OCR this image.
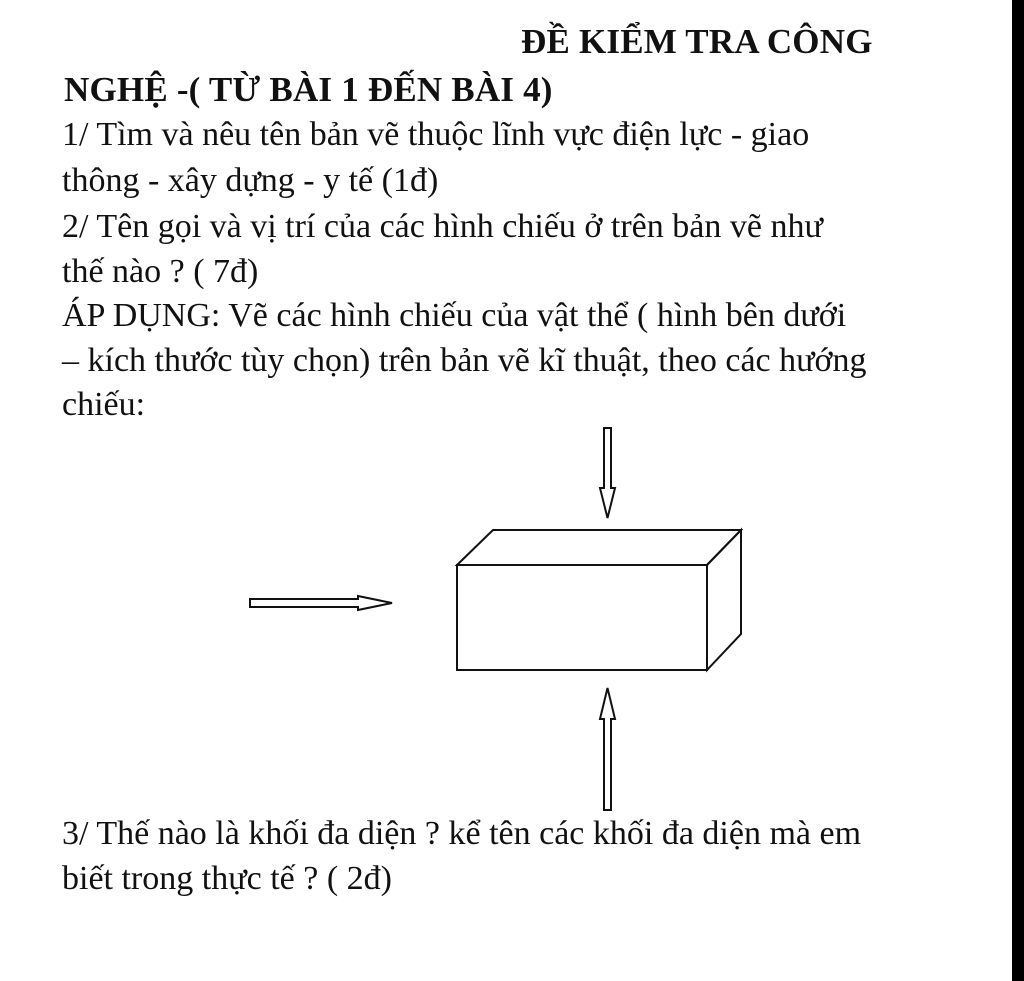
ĐỀ KIỂM TRA CÔNG
NGHỆ -( TỪ BÀI 1 ĐẾN BÀI 4)
1/ Tìm và nêu tên bản vẽ thuộc lĩnh vực điện lực - giao
thông - xây dựng - y tế (1đ)
2/ Tên gọi và vị trí của các hình chiếu ở trên bản vẽ như
thế nào ? ( 7đ)
ÁP DỤNG: Vẽ các hình chiếu của vật thể ( hình bên dưới
– kích thước tùy chọn) trên bản vẽ kĩ thuật, theo các hướng
chiếu:
3/ Thế nào là khối đa diện ? kể tên các khối đa diện mà em
biết trong thực tế ? ( 2đ)
